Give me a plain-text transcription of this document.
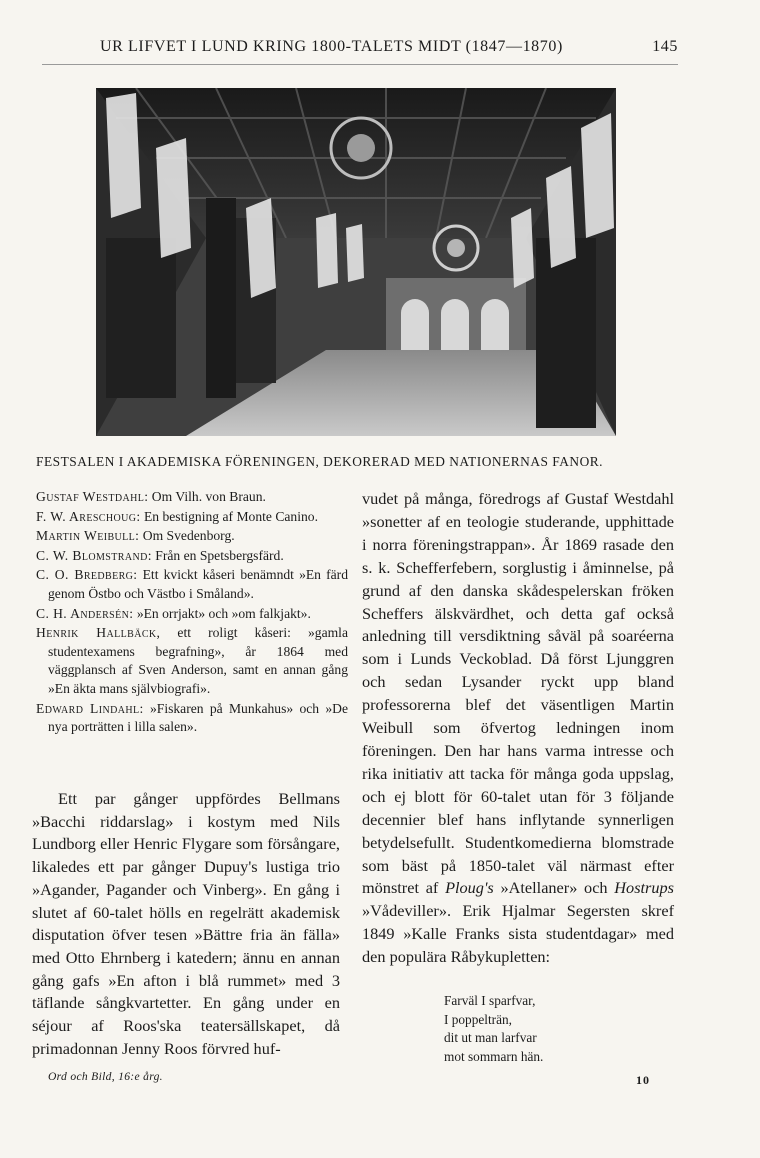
UR LIFVET I LUND KRING 1800-TALETS MIDT (1847—1870)	145
FESTSALEN I AKADEMISKA FÖRENINGEN, DEKORERAD MED NATIONERNAS FANOR.
Gustaf Westdahl: Om Vilh. von Braun.
F. W. Areschoug: En bestigning af Monte Canino.
Martin Weibull: Om Svedenborg.
C. W. Blomstrand: Från en Spetsbergsfärd.
C. O. Bredberg: Ett kvickt kåseri benämndt »En färd genom Östbo och Västbo i Småland».
C. H. Andersén: »En orrjakt» och »om falkjakt».
Henrik Hallbäck, ett roligt kåseri: »gamla studentexamens begrafning», år 1864 med väggplansch af Sven Anderson, samt en annan gång »En äkta mans självbiografi».
Edward Lindahl: »Fiskaren på Munkahus» och »De nya porträtten i lilla salen».

Ett par gånger uppfördes Bellmans »Bacchi riddarslag» i kostym med Nils Lundborg eller Henric Flygare som försångare, likaledes ett par gånger Dupuy's lustiga trio »Agander, Pagander och Vinberg». En gång i slutet af 60-talet hölls en regelrätt akademisk disputation öfver tesen »Bättre fria än fälla» med Otto Ehrnberg i katedern; ännu en annan gång gafs »En afton i blå rummet» med 3 täflande sångkvartetter. En gång under en séjour af Roos'ska teatersällskapet, då primadonnan Jenny Roos förvred huf-

vudet på många, föredrogs af Gustaf Westdahl »sonetter af en teologie studerande, upphittade i norra föreningstrappan». År 1869 rasade den s. k. Schefferfebern, sorglustig i åminnelse, på grund af den danska skådespelerskan fröken Scheffers älskvärdhet, och detta gaf också anledning till versdiktning såväl på soaréerna som i Lunds Veckoblad. Då först Ljunggren och sedan Lysander ryckt upp bland professorerna blef det väsentligen Martin Weibull som öfvertog ledningen inom föreningen. Den har hans varma intresse och rika initiativ att tacka för många goda uppslag, och ej blott för 60-talet utan för 3 följande decennier blef hans inflytande synnerligen betydelsefullt. Studentkomedierna blomstrade som bäst på 1850-talet väl närmast efter mönstret af Ploug's »Atellaner» och Hostrups »Vådeviller». Erik Hjalmar Segersten skref 1849 »Kalle Franks sista studentdagar» med den populära Råbykupletten:

Farväl I sparfvar,
I poppelträn,
dit ut man larfvar
mot sommarn hän.
Ord och Bild, 16:e årg.	10
